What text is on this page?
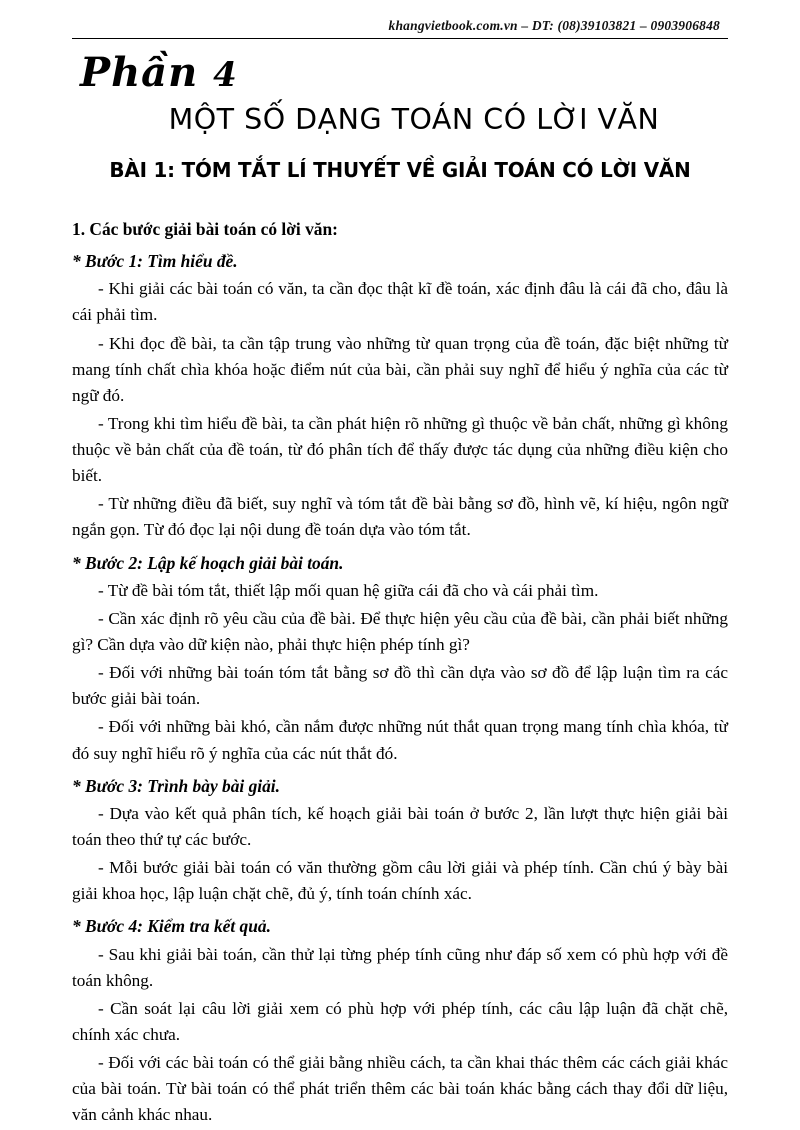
khangvietbook.com.vn – DT: (08)39103821 – 0903906848
Phần 4
MỘT SỐ DẠNG TOÁN CÓ LỜI VĂN
BÀI 1: TÓM TẮT LÍ THUYẾT VỀ GIẢI TOÁN CÓ LỜI VĂN
1. Các bước giải bài toán có lời văn:
* Bước 1: Tìm hiểu đề.

- Khi giải các bài toán có văn, ta cần đọc thật kĩ đề toán, xác định đâu là cái đã cho, đâu là cái phải tìm.

- Khi đọc đề bài, ta cần tập trung vào những từ quan trọng của đề toán, đặc biệt những từ mang tính chất chìa khóa hoặc điểm nút của bài, cần phải suy nghĩ để hiểu ý nghĩa của các từ ngữ đó.

- Trong khi tìm hiểu đề bài, ta cần phát hiện rõ những gì thuộc về bản chất, những gì không thuộc về bản chất của đề toán, từ đó phân tích để thấy được tác dụng của những điều kiện cho biết.

- Từ những điều đã biết, suy nghĩ và tóm tắt đề bài bằng sơ đồ, hình vẽ, kí hiệu, ngôn ngữ ngắn gọn. Từ đó đọc lại nội dung đề toán dựa vào tóm tắt.

* Bước 2: Lập kế hoạch giải bài toán.

- Từ đề bài tóm tắt, thiết lập mối quan hệ giữa cái đã cho và cái phải tìm.

- Cần xác định rõ yêu cầu của đề bài. Để thực hiện yêu cầu của đề bài, cần phải biết những gì? Cần dựa vào dữ kiện nào, phải thực hiện phép tính gì?

- Đối với những bài toán tóm tắt bằng sơ đồ thì cần dựa vào sơ đồ để lập luận tìm ra các bước giải bài toán.

- Đối với những bài khó, cần nắm được những nút thắt quan trọng mang tính chìa khóa, từ đó suy nghĩ hiểu rõ ý nghĩa của các nút thắt đó.

* Bước 3: Trình bày bài giải.

- Dựa vào kết quả phân tích, kế hoạch giải bài toán ở bước 2, lần lượt thực hiện giải bài toán theo thứ tự các bước.

- Mỗi bước giải bài toán có văn thường gồm câu lời giải và phép tính. Cần chú ý bày bài giải khoa học, lập luận chặt chẽ, đủ ý, tính toán chính xác.

* Bước 4: Kiểm tra kết quả.

- Sau khi giải bài toán, cần thử lại từng phép tính cũng như đáp số xem có phù hợp với đề toán không.

- Cần soát lại câu lời giải xem có phù hợp với phép tính, các câu lập luận đã chặt chẽ, chính xác chưa.

- Đối với các bài toán có thể giải bằng nhiều cách, ta cần khai thác thêm các cách giải khác của bài toán. Từ bài toán có thể phát triển thêm các bài toán khác bằng cách thay đổi dữ liệu, văn cảnh khác nhau.
